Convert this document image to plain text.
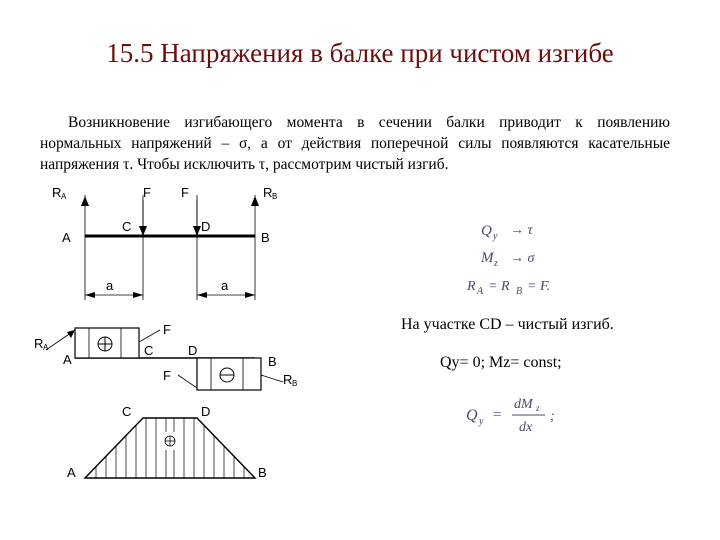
15.5 Напряжения в балке при чистом изгибе
Возникновение изгибающего момента в сечении балки приводит к появлению нормальных напряжений – σ, а от действия поперечной силы появляются касательные напряжения τ. Чтобы исключить τ, рассмотрим чистый изгиб.
R A	F F	R B
A
C	D
B
a	a
R A
A
C
F
D
F
B
R B
C	D
A	B
Q y → τ
M z → σ
R A = R B = F.
Q y =
dM z
dx
;
На участке CD – чистый изгиб.
Qy= 0; Mz= const;
